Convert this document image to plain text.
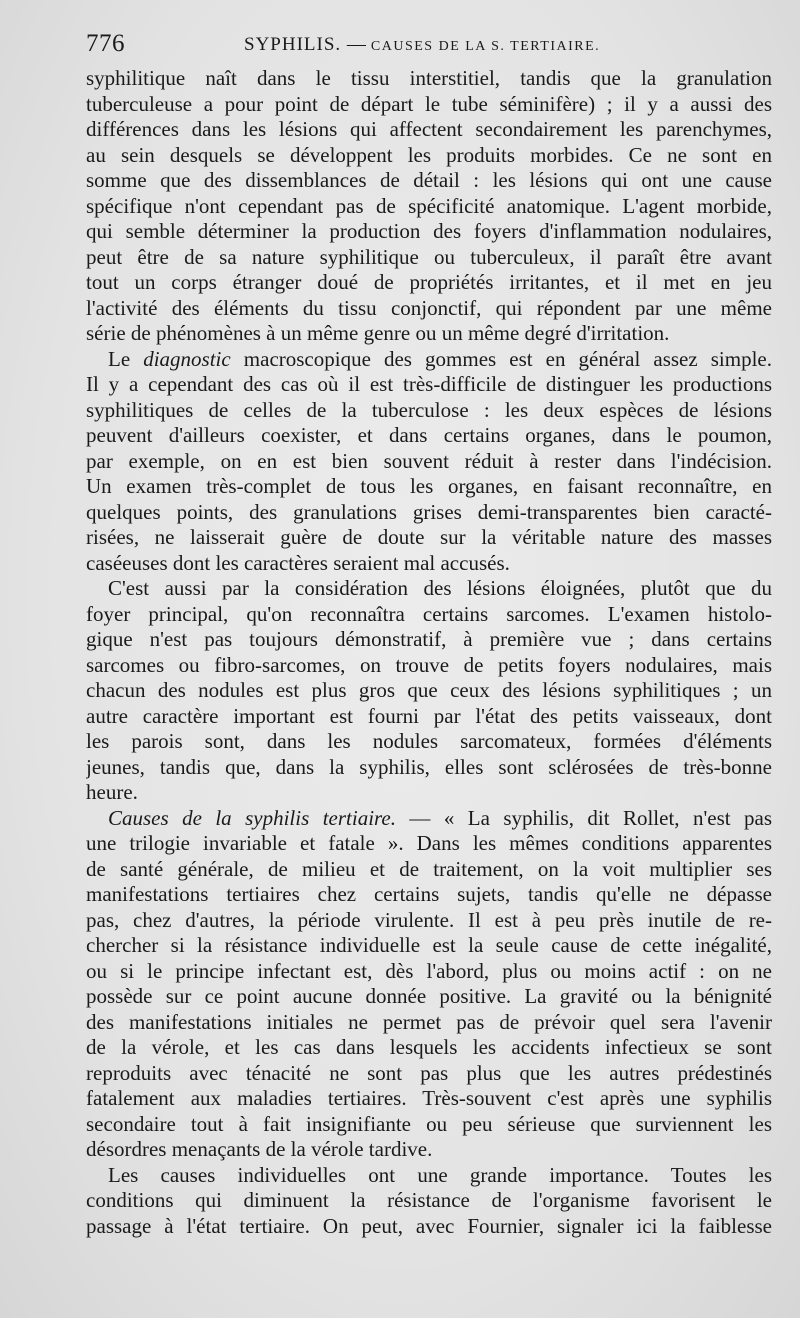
776	SYPHILIS. — CAUSES DE LA S. TERTIAIRE.
syphilitique naît dans le tissu interstitiel, tandis que la granulation
tuberculeuse a pour point de départ le tube séminifère) ; il y a aussi des
différences dans les lésions qui affectent secondairement les parenchymes,
au sein desquels se développent les produits morbides. Ce ne sont en
somme que des dissemblances de détail : les lésions qui ont une cause
spécifique n'ont cependant pas de spécificité anatomique. L'agent morbide,
qui semble déterminer la production des foyers d'inflammation nodulaires,
peut être de sa nature syphilitique ou tuberculeux, il paraît être avant
tout un corps étranger doué de propriétés irritantes, et il met en jeu
l'activité des éléments du tissu conjonctif, qui répondent par une même
série de phénomènes à un même genre ou un même degré d'irritation.
Le diagnostic macroscopique des gommes est en général assez simple.
Il y a cependant des cas où il est très-difficile de distinguer les productions
syphilitiques de celles de la tuberculose : les deux espèces de lésions
peuvent d'ailleurs coexister, et dans certains organes, dans le poumon,
par exemple, on en est bien souvent réduit à rester dans l'indécision.
Un examen très-complet de tous les organes, en faisant reconnaître, en
quelques points, des granulations grises demi-transparentes bien caracté-
risées, ne laisserait guère de doute sur la véritable nature des masses
caséeuses dont les caractères seraient mal accusés.
C'est aussi par la considération des lésions éloignées, plutôt que du
foyer principal, qu'on reconnaîtra certains sarcomes. L'examen histolo-
gique n'est pas toujours démonstratif, à première vue ; dans certains
sarcomes ou fibro-sarcomes, on trouve de petits foyers nodulaires, mais
chacun des nodules est plus gros que ceux des lésions syphilitiques ; un
autre caractère important est fourni par l'état des petits vaisseaux, dont
les parois sont, dans les nodules sarcomateux, formées d'éléments
jeunes, tandis que, dans la syphilis, elles sont sclérosées de très-bonne
heure.
Causes de la syphilis tertiaire. — « La syphilis, dit Rollet, n'est pas
une trilogie invariable et fatale ». Dans les mêmes conditions apparentes
de santé générale, de milieu et de traitement, on la voit multiplier ses
manifestations tertiaires chez certains sujets, tandis qu'elle ne dépasse
pas, chez d'autres, la période virulente. Il est à peu près inutile de re-
chercher si la résistance individuelle est la seule cause de cette inégalité,
ou si le principe infectant est, dès l'abord, plus ou moins actif : on ne
possède sur ce point aucune donnée positive. La gravité ou la bénignité
des manifestations initiales ne permet pas de prévoir quel sera l'avenir
de la vérole, et les cas dans lesquels les accidents infectieux se sont
reproduits avec ténacité ne sont pas plus que les autres prédestinés
fatalement aux maladies tertiaires. Très-souvent c'est après une syphilis
secondaire tout à fait insignifiante ou peu sérieuse que surviennent les
désordres menaçants de la vérole tardive.
Les causes individuelles ont une grande importance. Toutes les
conditions qui diminuent la résistance de l'organisme favorisent le
passage à l'état tertiaire. On peut, avec Fournier, signaler ici la faiblesse
